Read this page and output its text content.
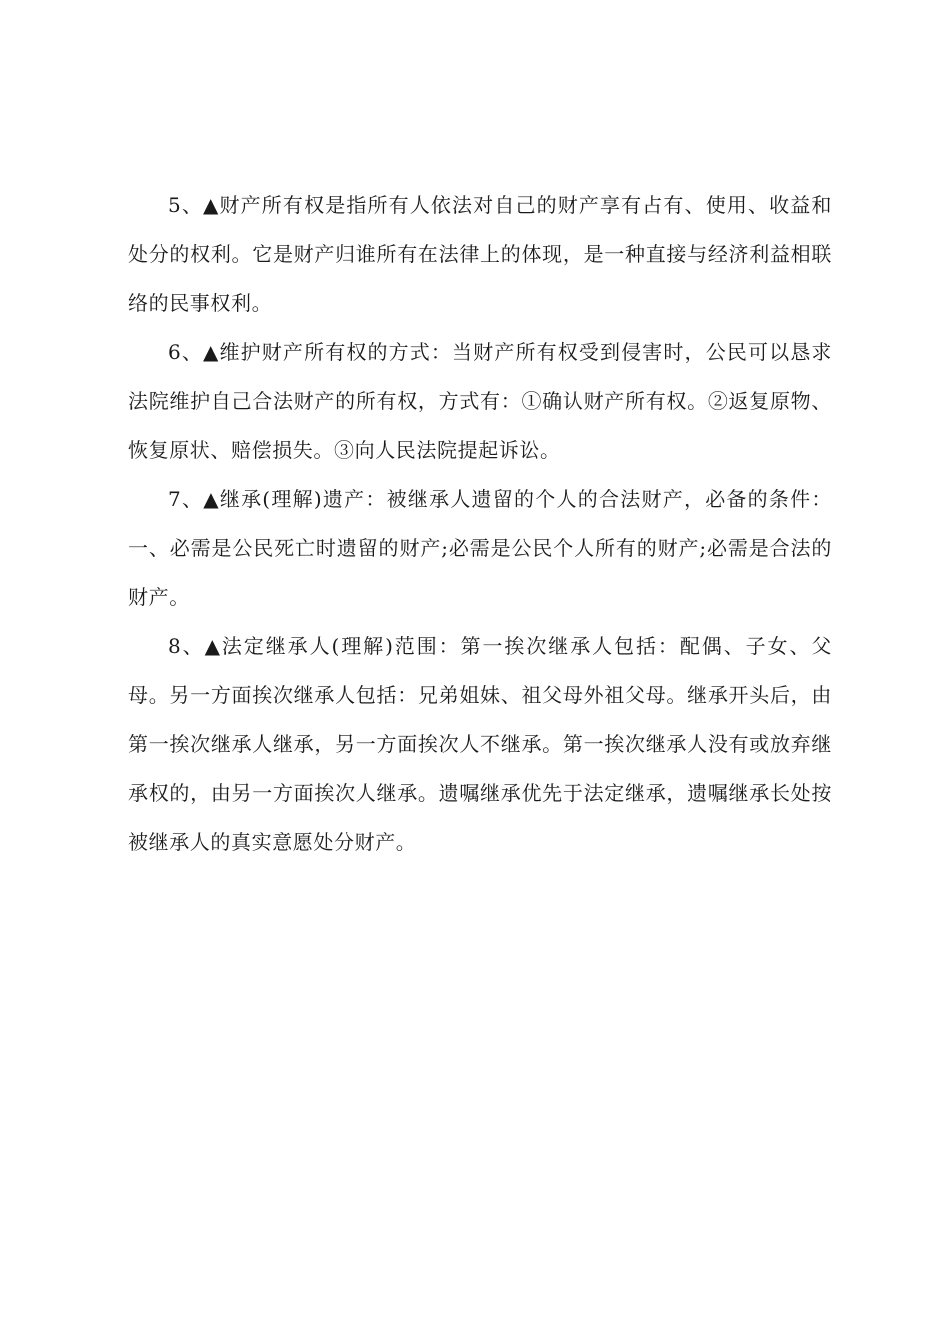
5、▲财产所有权是指所有人依法对自己的财产享有占有、使用、收益和处分的权利。它是财产归谁所有在法律上的体现，是一种直接与经济利益相联络的民事权利。

6、▲维护财产所有权的方式：当财产所有权受到侵害时，公民可以恳求法院维护自己合法财产的所有权，方式有：①确认财产所有权。②返复原物、恢复原状、赔偿损失。③向人民法院提起诉讼。

7、▲继承(理解)遗产：被继承人遗留的个人的合法财产，必备的条件：一、必需是公民死亡时遗留的财产;必需是公民个人所有的财产;必需是合法的财产。

8、▲法定继承人(理解)范围：第一挨次继承人包括：配偶、子女、父母。另一方面挨次继承人包括：兄弟姐妹、祖父母外祖父母。继承开头后，由第一挨次继承人继承，另一方面挨次人不继承。第一挨次继承人没有或放弃继承权的，由另一方面挨次人继承。遗嘱继承优先于法定继承，遗嘱继承长处按被继承人的真实意愿处分财产。
